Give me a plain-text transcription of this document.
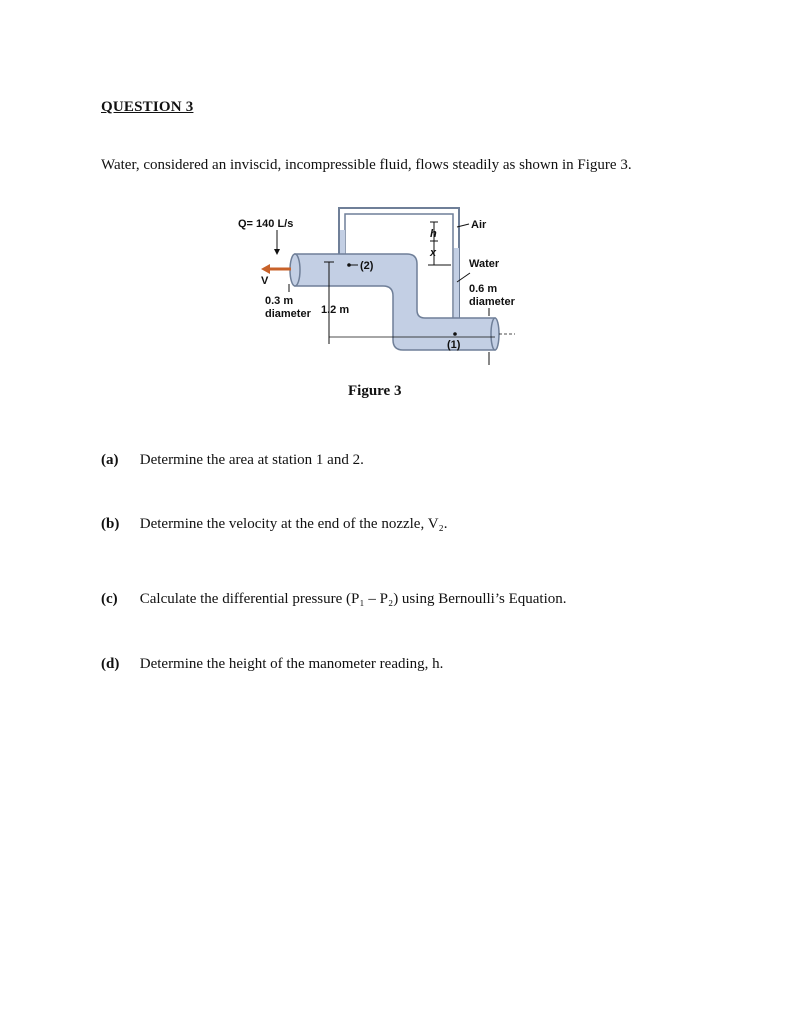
QUESTION 3
Water, considered an inviscid, incompressible fluid, flows steadily as shown in Figure 3.
Q= 140 L/s
V
(2)
0.3 m
diameter 1.2 m
h
x
Air
Water
0.6 m
diameter
(1)
Figure 3
(a) Determine the area at station 1 and 2.
(b) Determine the velocity at the end of the nozzle, V₂.
(c) Calculate the differential pressure (P₁ – P₂) using Bernoulli’s Equation.
(d) Determine the height of the manometer reading, h.
